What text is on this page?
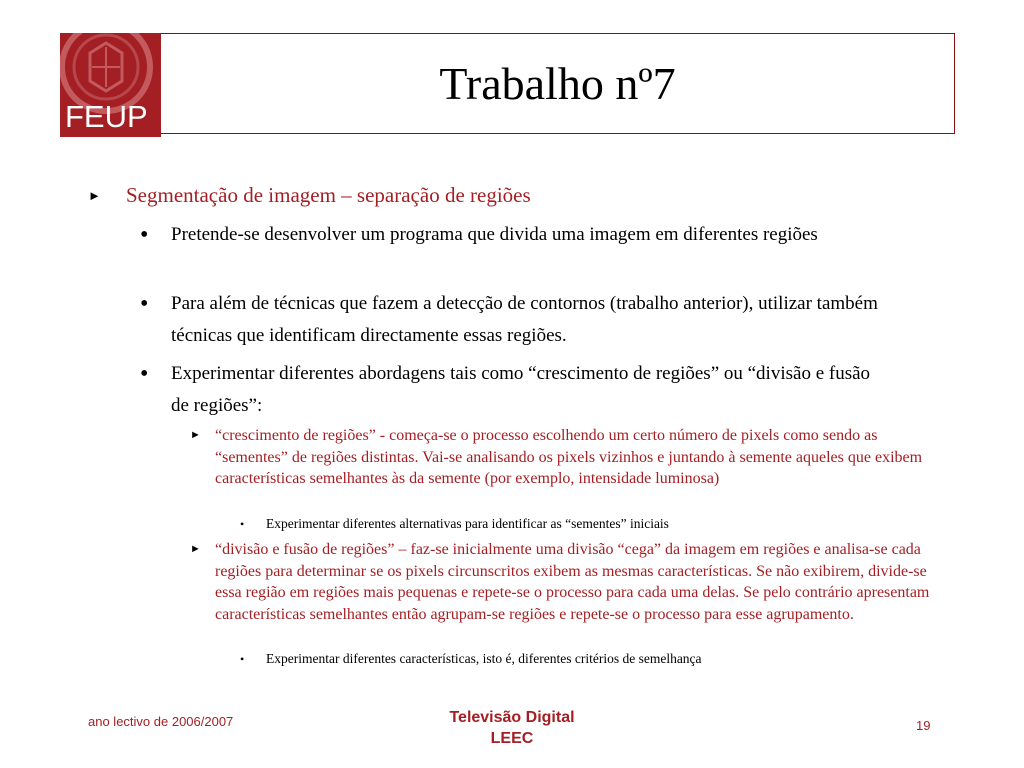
FEUP
Trabalho nº7
► Segmentação de imagem – separação de regiões
• Pretende-se desenvolver um programa que divida uma imagem em diferentes regiões
• Para além de técnicas que fazem a detecção de contornos (trabalho anterior), utilizar também técnicas que identificam directamente essas regiões.
• Experimentar diferentes abordagens tais como “crescimento de regiões” ou “divisão e fusão de regiões”:
► “crescimento de regiões” - começa-se o processo escolhendo um certo número de pixels como sendo as “sementes” de regiões distintas. Vai-se analisando os pixels vizinhos e juntando à semente aqueles que exibem características semelhantes às da semente (por exemplo, intensidade luminosa)
• Experimentar diferentes alternativas para identificar as “sementes” iniciais
► “divisão e fusão de regiões” – faz-se inicialmente uma divisão “cega” da imagem em regiões e analisa-se cada regiões para determinar se os pixels circunscritos exibem as mesmas características. Se não exibirem, divide-se essa região em regiões mais pequenas e repete-se o processo para cada uma delas. Se pelo contrário apresentam características semelhantes então agrupam-se regiões e repete-se o processo para esse agrupamento.
• Experimentar diferentes características, isto é, diferentes critérios de semelhança
ano lectivo de 2006/2007	Televisão Digital
LEEC
19
